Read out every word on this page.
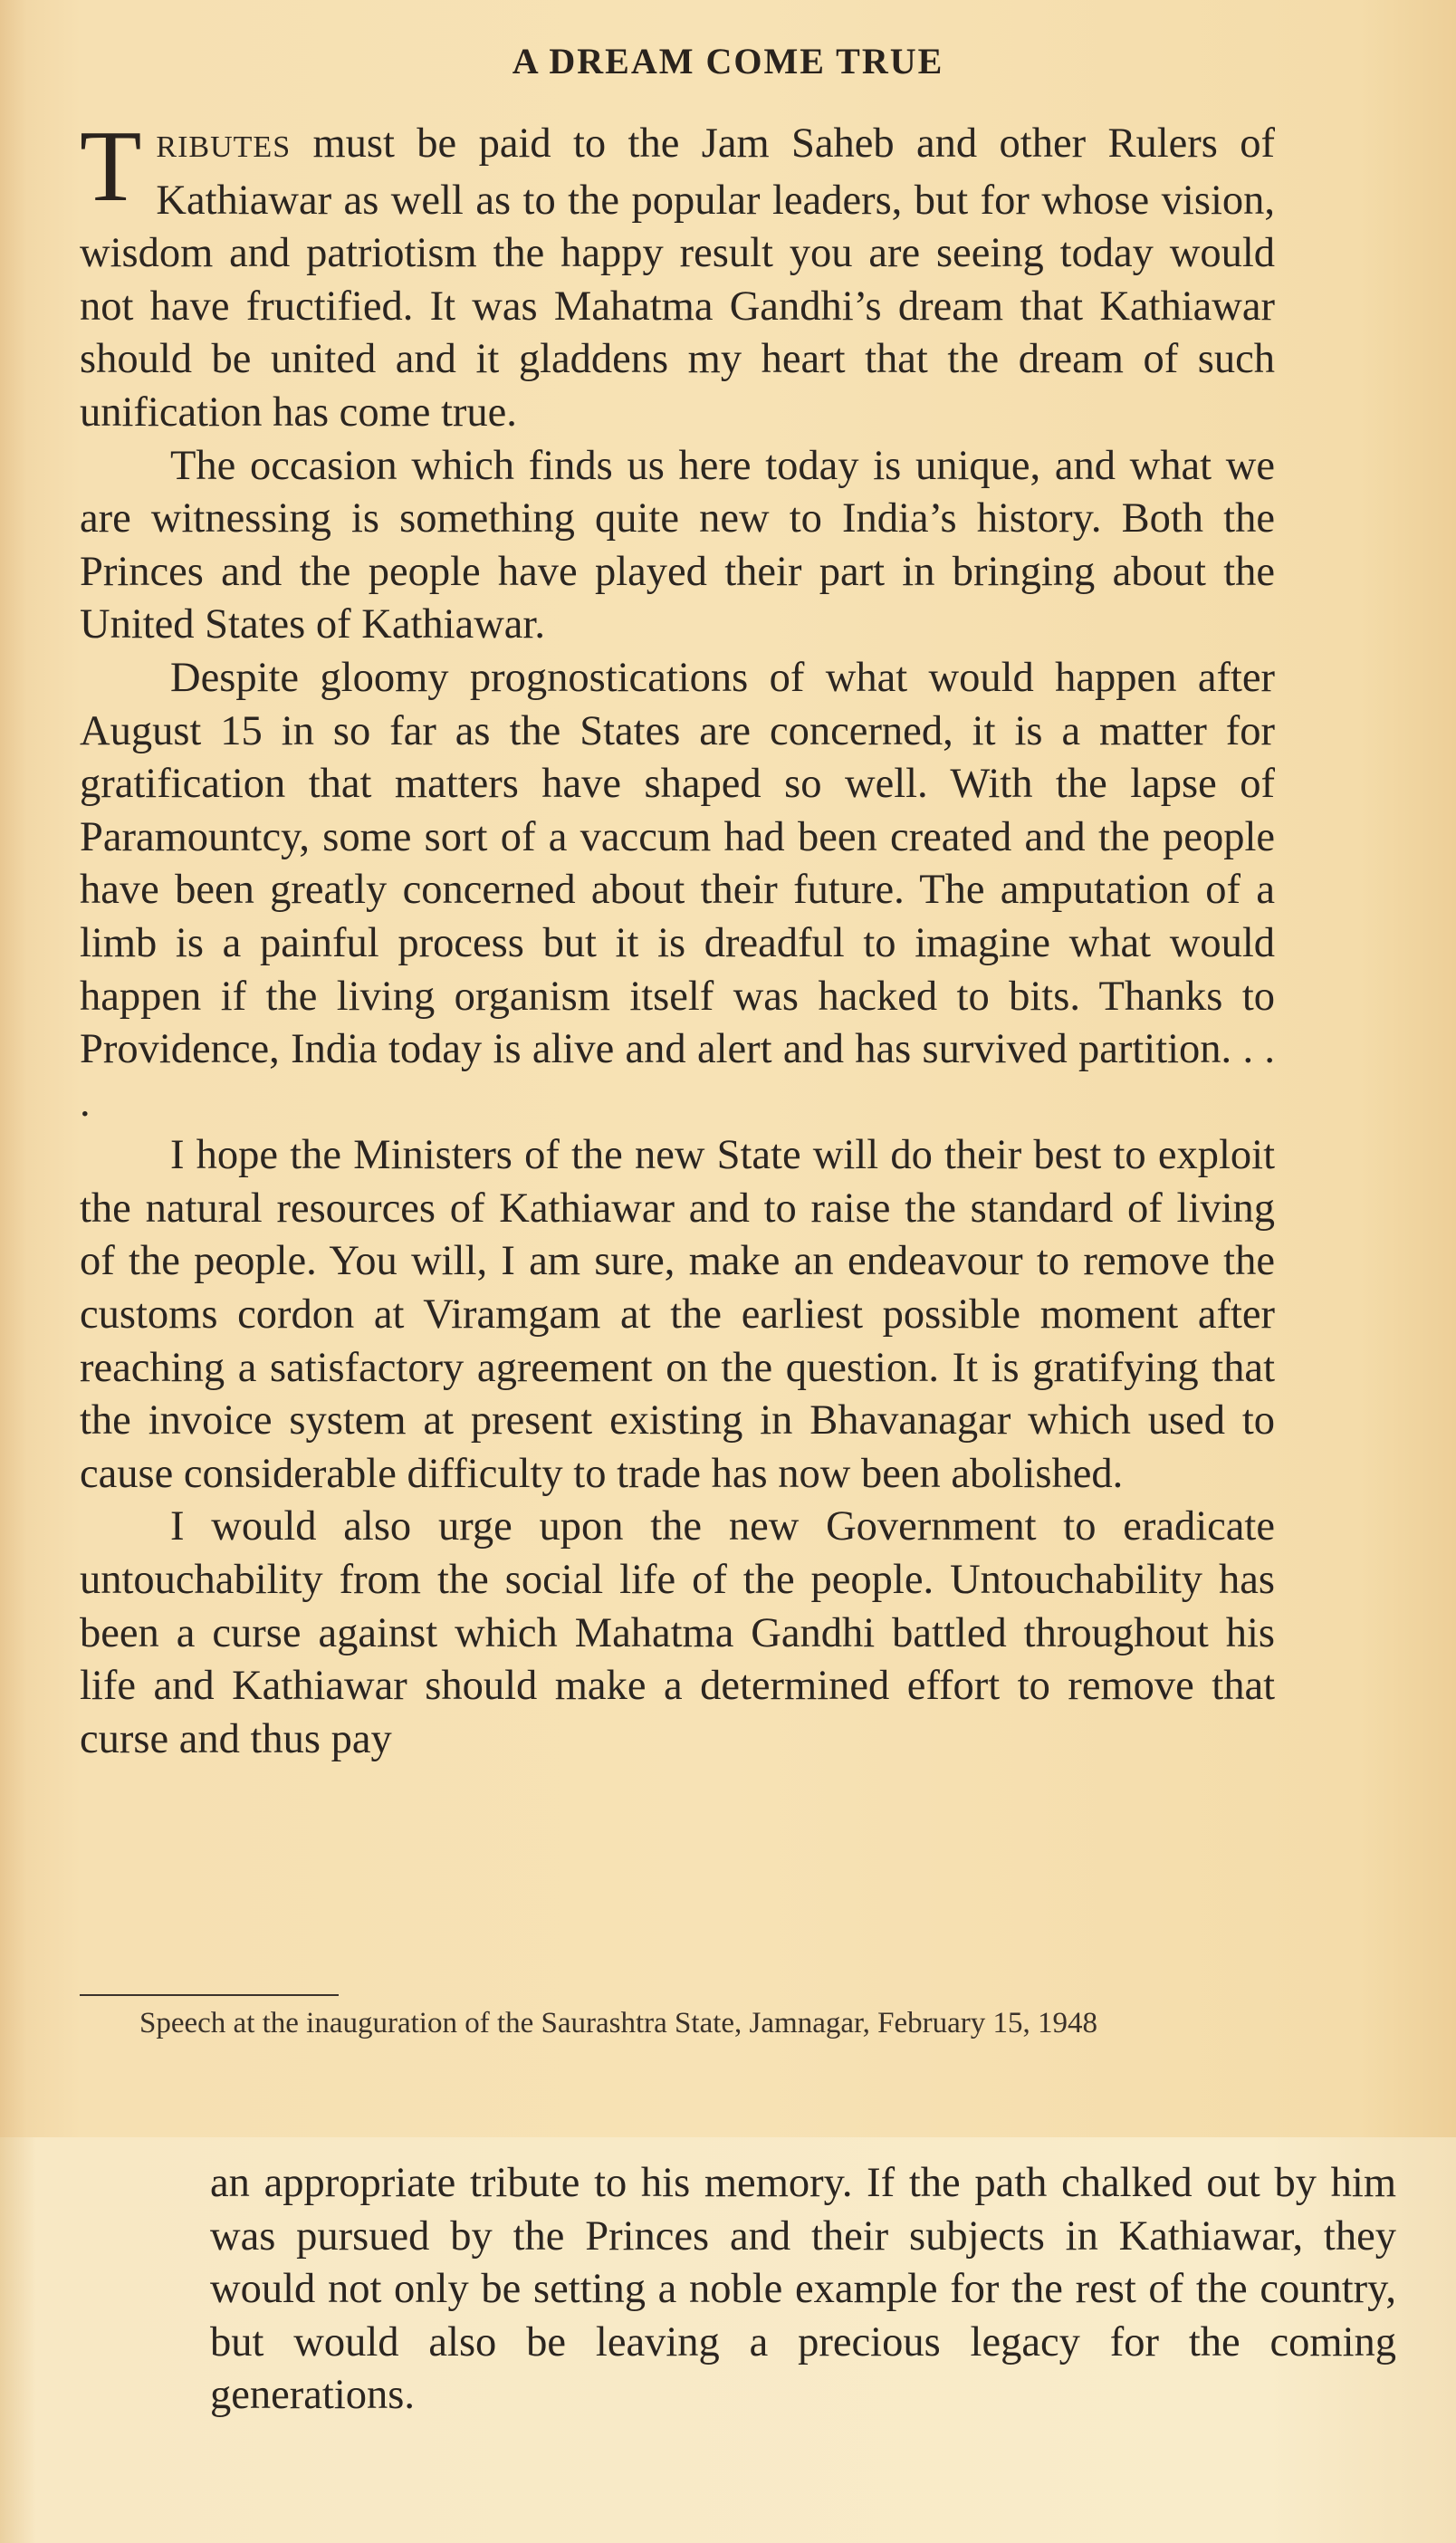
A DREAM COME TRUE

TRIBUTES must be paid to the Jam Saheb and other Rulers of Kathiawar as well as to the popular leaders, but for whose vision, wisdom and patriotism the happy result you are seeing today would not have fructified. It was Mahatma Gandhi’s dream that Kathiawar should be united and it gladdens my heart that the dream of such unification has come true.

The occasion which finds us here today is unique, and what we are witnessing is something quite new to India’s history. Both the Princes and the people have played their part in bringing about the United States of Kathiawar.

Despite gloomy prognostications of what would happen after August 15 in so far as the States are concerned, it is a matter for gratification that matters have shaped so well. With the lapse of Paramountcy, some sort of a vaccum had been created and the people have been greatly concerned about their future. The amputation of a limb is a painful process but it is dreadful to imagine what would happen if the living organism itself was hacked to bits. Thanks to Providence, India today is alive and alert and has survived partition. . . .

I hope the Ministers of the new State will do their best to exploit the natural resources of Kathiawar and to raise the standard of living of the people. You will, I am sure, make an endeavour to remove the customs cordon at Viramgam at the earliest possible moment after reaching a satisfactory agreement on the question. It is gratifying that the invoice system at present existing in Bhavanagar which used to cause considerable difficulty to trade has now been abolished.

I would also urge upon the new Government to eradicate untouchability from the social life of the people. Untouchability has been a curse against which Mahatma Gandhi battled throughout his life and Kathiawar should make a determined effort to remove that curse and thus pay

Speech at the inauguration of the Saurashtra State, Jamnagar, February 15, 1948

an appropriate tribute to his memory. If the path chalked out by him was pursued by the Princes and their subjects in Kathiawar, they would not only be setting a noble example for the rest of the country, but would also be leaving a precious legacy for the coming generations.
